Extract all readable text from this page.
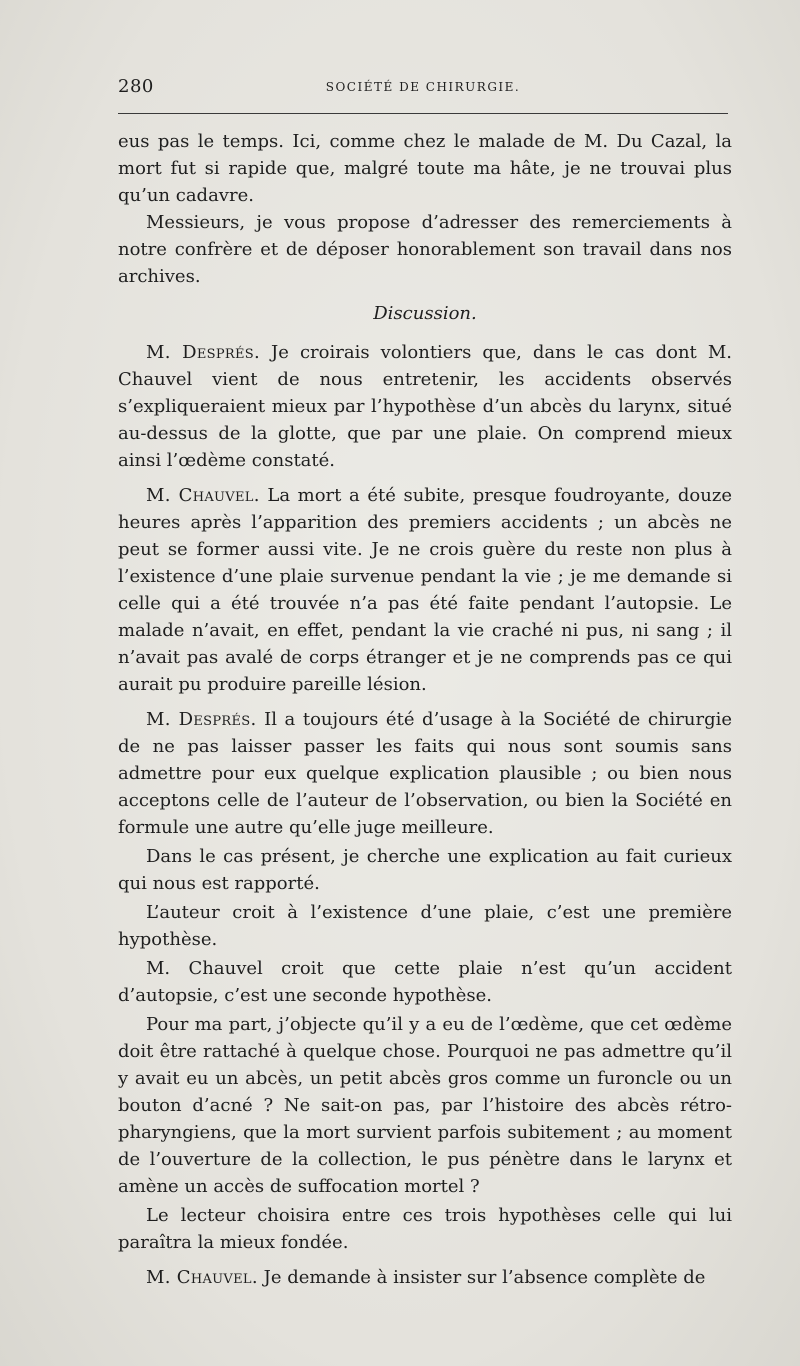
280	SOCIÉTÉ DE CHIRURGIE.

eus pas le temps. Ici, comme chez le malade de M. Du Cazal, la mort fut si rapide que, malgré toute ma hâte, je ne trouvai plus qu’un cadavre.

Messieurs, je vous propose d’adresser des remerciements à notre confrère et de déposer honorablement son travail dans nos archives.

Discussion.

M. Després. Je croirais volontiers que, dans le cas dont M. Chauvel vient de nous entretenir, les accidents observés s’expliqueraient mieux par l’hypothèse d’un abcès du larynx, situé au-dessus de la glotte, que par une plaie. On comprend mieux ainsi l’œdème constaté.

M. Chauvel. La mort a été subite, presque foudroyante, douze heures après l’apparition des premiers accidents ; un abcès ne peut se former aussi vite. Je ne crois guère du reste non plus à l’existence d’une plaie survenue pendant la vie ; je me demande si celle qui a été trouvée n’a pas été faite pendant l’autopsie. Le malade n’avait, en effet, pendant la vie craché ni pus, ni sang ; il n’avait pas avalé de corps étranger et je ne comprends pas ce qui aurait pu produire pareille lésion.

M. Després. Il a toujours été d’usage à la Société de chirurgie de ne pas laisser passer les faits qui nous sont soumis sans admettre pour eux quelque explication plausible ; ou bien nous acceptons celle de l’auteur de l’observation, ou bien la Société en formule une autre qu’elle juge meilleure.

Dans le cas présent, je cherche une explication au fait curieux qui nous est rapporté.

L’auteur croit à l’existence d’une plaie, c’est une première hypothèse.

M. Chauvel croit que cette plaie n’est qu’un accident d’autopsie, c’est une seconde hypothèse.

Pour ma part, j’objecte qu’il y a eu de l’œdème, que cet œdème doit être rattaché à quelque chose. Pourquoi ne pas admettre qu’il y avait eu un abcès, un petit abcès gros comme un furoncle ou un bouton d’acné ? Ne sait-on pas, par l’histoire des abcès rétro-pharyngiens, que la mort survient parfois subitement ; au moment de l’ouverture de la collection, le pus pénètre dans le larynx et amène un accès de suffocation mortel ?

Le lecteur choisira entre ces trois hypothèses celle qui lui paraîtra la mieux fondée.

M. Chauvel. Je demande à insister sur l’absence complète de
